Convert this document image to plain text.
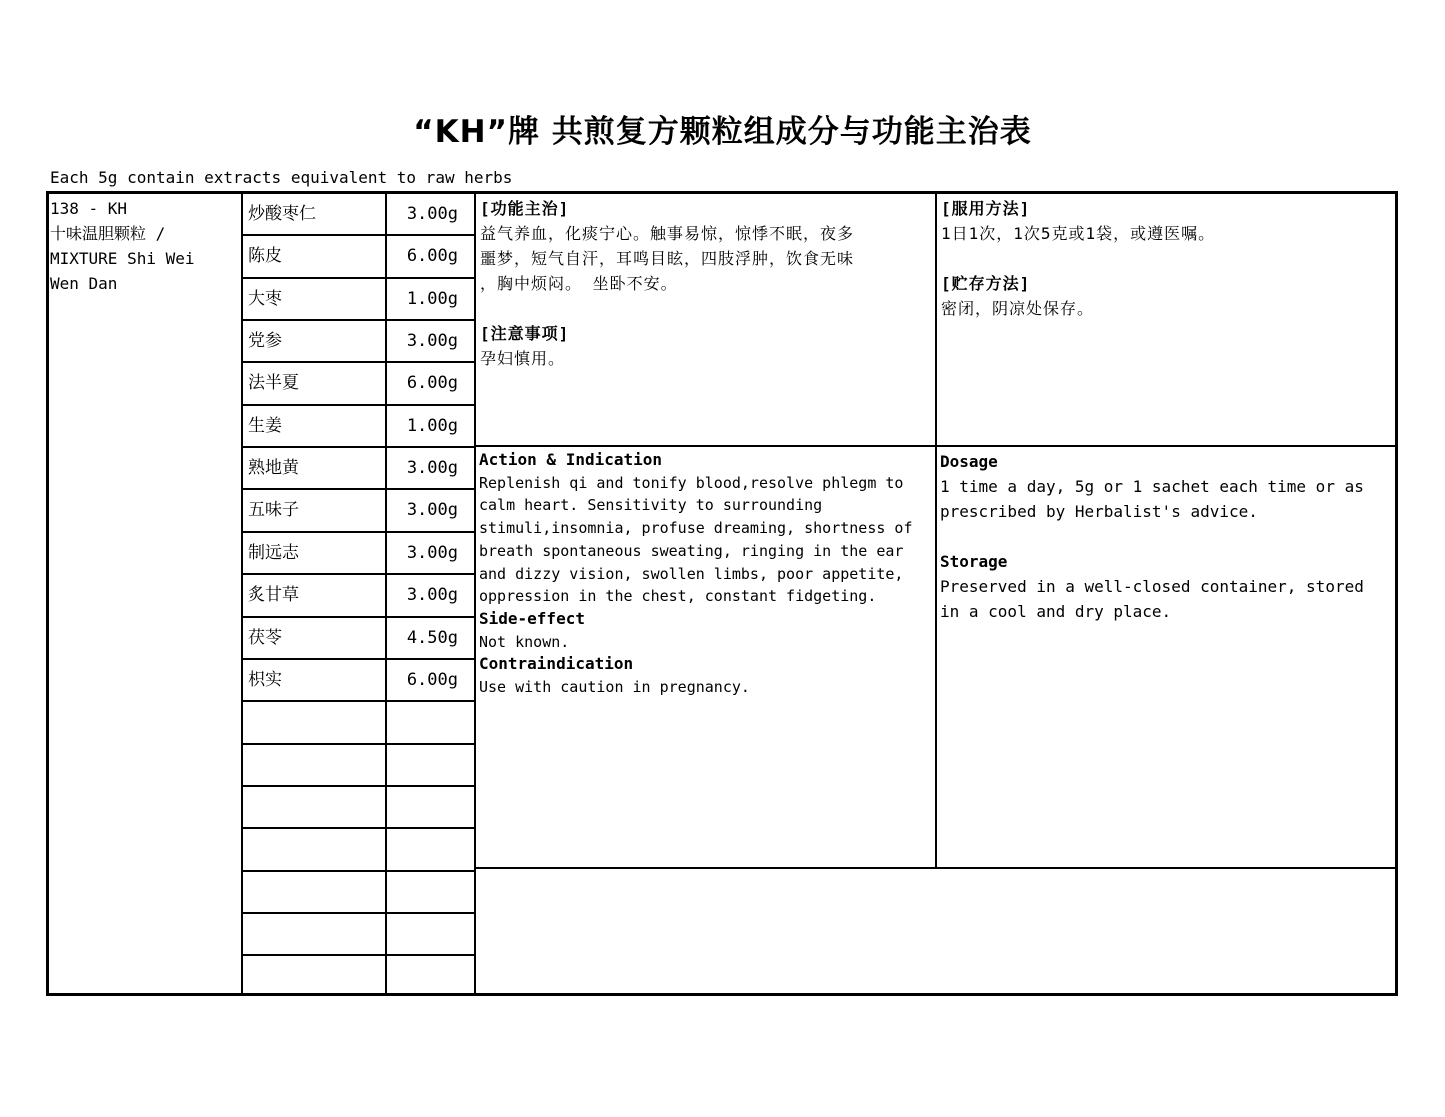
“KH”牌 共煎复方颗粒组成分与功能主治表
Each 5g contain extracts equivalent to raw herbs
炒酸枣仁	3.00g
陈皮	6.00g
大枣	1.00g
党参	3.00g
法半夏	6.00g
生姜	1.00g
熟地黄	3.00g
五味子	3.00g
制远志	3.00g
炙甘草	3.00g
茯苓	4.50g
枳实	6.00g
138 - KH
十味温胆颗粒 /
MIXTURE Shi Wei
Wen Dan
[功能主治]
益气养血，化痰宁心。触事易惊，惊悸不眠，夜多
噩梦，短气自汗，耳鸣目眩，四肢浮肿，饮食无味
，胸中烦闷。 坐卧不安。
[注意事项]
孕妇慎用。
[服用方法]
1日1次，1次5克或1袋，或遵医嘱。
[贮存方法]
密闭，阴凉处保存。
Action & Indication
Replenish qi and tonify blood,resolve phlegm to
calm heart. Sensitivity to surrounding
stimuli,insomnia, profuse dreaming, shortness of
breath spontaneous sweating, ringing in the ear
and dizzy vision, swollen limbs, poor appetite,
oppression in the chest, constant fidgeting.
Side-effect
Not known.
Contraindication
Use with caution in pregnancy.
Dosage
1 time a day, 5g or 1 sachet each time or as
prescribed by Herbalist's advice.
Storage
Preserved in a well-closed container, stored
in a cool and dry place.
